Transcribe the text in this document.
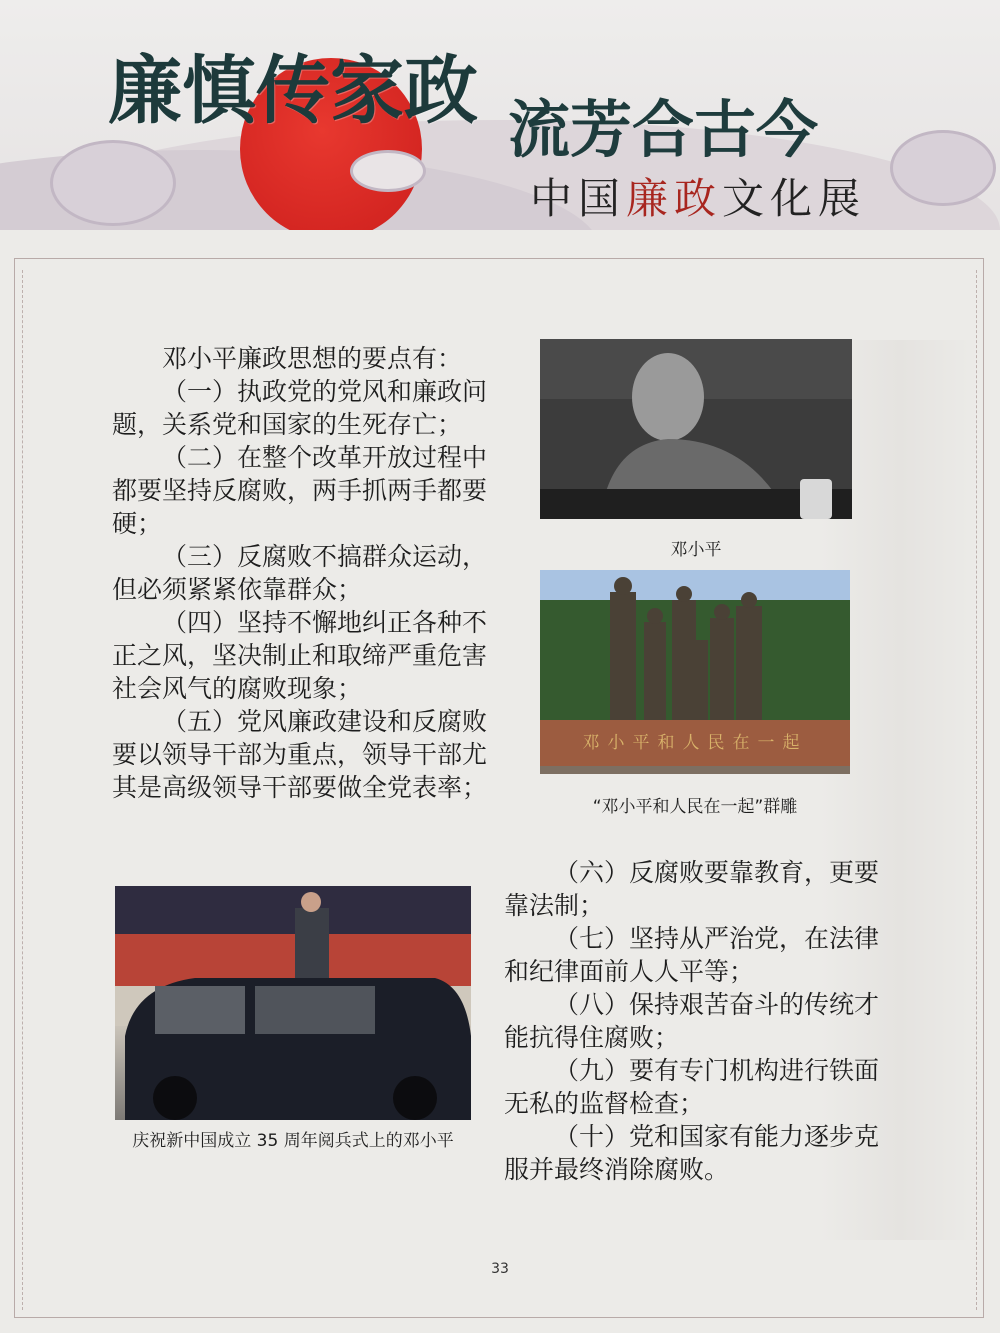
廉慎传家政 流芳合古今
中国廉政文化展

邓小平廉政思想的要点有：

（一）执政党的党风和廉政问题，关系党和国家的生死存亡；

（二）在整个改革开放过程中都要坚持反腐败，两手抓两手都要硬；

（三）反腐败不搞群众运动，但必须紧紧依靠群众；

（四）坚持不懈地纠正各种不正之风，坚决制止和取缔严重危害社会风气的腐败现象；

（五）党风廉政建设和反腐败要以领导干部为重点，领导干部尤其是高级领导干部要做全党表率；

邓小平
邓小平和人民在一起
“邓小平和人民在一起”群雕
庆祝新中国成立 35 周年阅兵式上的邓小平

（六）反腐败要靠教育，更要靠法制；

（七）坚持从严治党，在法律和纪律面前人人平等；

（八）保持艰苦奋斗的传统才能抗得住腐败；

（九）要有专门机构进行铁面无私的监督检查；

（十）党和国家有能力逐步克服并最终消除腐败。

33
